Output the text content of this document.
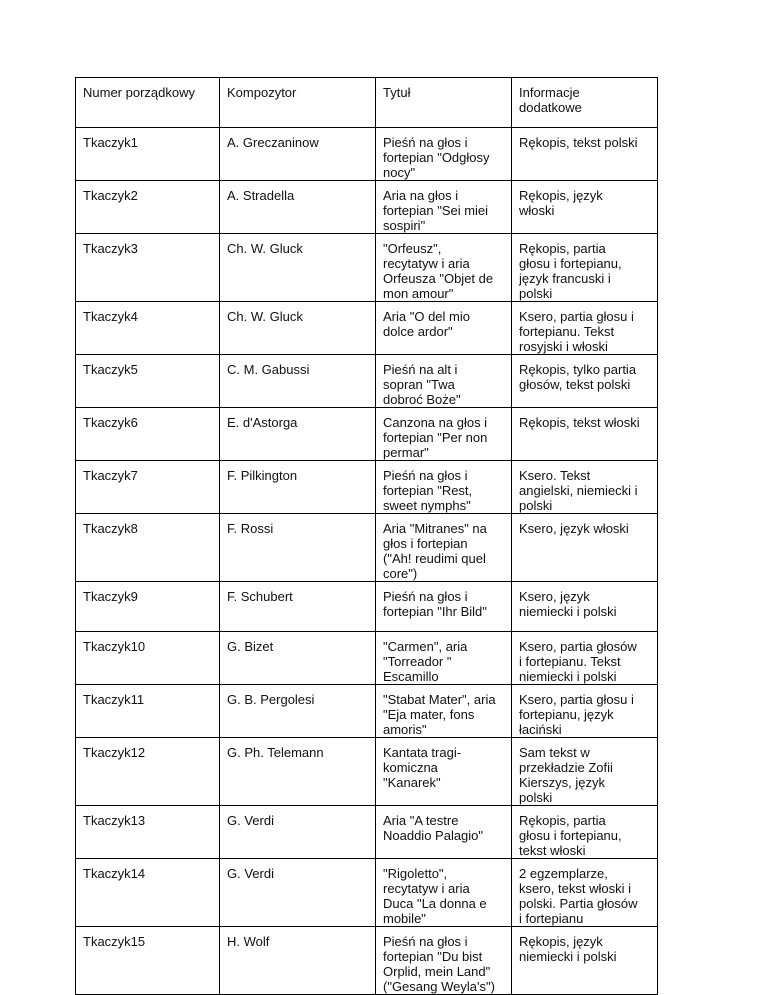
Numer porządkowy	Kompozytor	Tytuł	Informacje
dodatkowe

Tkaczyk1	A. Greczaninow	Pieśń na głos i
fortepian "Odgłosy
nocy"	Rękopis, tekst polski

Tkaczyk2	A. Stradella	Aria na głos i
fortepian "Sei miei
sospiri"	Rękopis, język
włoski

Tkaczyk3	Ch. W. Gluck	"Orfeusz",
recytatyw i aria
Orfeusza "Objet de
mon amour"	Rękopis, partia
głosu i fortepianu,
język francuski i
polski

Tkaczyk4	Ch. W. Gluck	Aria "O del mio
dolce ardor"	Ksero, partia głosu i
fortepianu. Tekst
rosyjski i włoski

Tkaczyk5	C. M. Gabussi	Pieśń na alt i
sopran "Twa
dobroć Boże"	Rękopis, tylko partia
głosów, tekst polski

Tkaczyk6	E. d'Astorga	Canzona na głos i
fortepian "Per non
permar"	Rękopis, tekst włoski

Tkaczyk7	F. Pilkington	Pieśń na głos i
fortepian "Rest,
sweet nymphs"	Ksero. Tekst
angielski, niemiecki i
polski

Tkaczyk8	F. Rossi	Aria "Mitranes" na
głos i fortepian
("Ah! reudimi quel
core")	Ksero, język włoski

Tkaczyk9	F. Schubert	Pieśń na głos i
fortepian "Ihr Bild"	Ksero, język
niemiecki i polski

Tkaczyk10	G. Bizet	"Carmen", aria
"Torreador "
Escamillo	Ksero, partia głosów
i fortepianu. Tekst
niemiecki i polski

Tkaczyk11	G. B. Pergolesi	"Stabat Mater", aria
"Eja mater, fons
amoris"	Ksero, partia głosu i
fortepianu, język
łaciński

Tkaczyk12	G. Ph. Telemann	Kantata tragi-
komiczna
"Kanarek"	Sam tekst w
przekładzie Zofii
Kierszys, język
polski

Tkaczyk13	G. Verdi	Aria "A testre
Noaddio Palagio"	Rękopis, partia
głosu i fortepianu,
tekst włoski

Tkaczyk14	G. Verdi	"Rigoletto",
recytatyw i aria
Duca "La donna e
mobile"	2 egzemplarze,
ksero, tekst włoski i
polski. Partia głosów
i fortepianu

Tkaczyk15	H. Wolf	Pieśń na głos i
fortepian "Du bist
Orplid, mein Land"
("Gesang Weyla's")	Rękopis, język
niemiecki i polski
